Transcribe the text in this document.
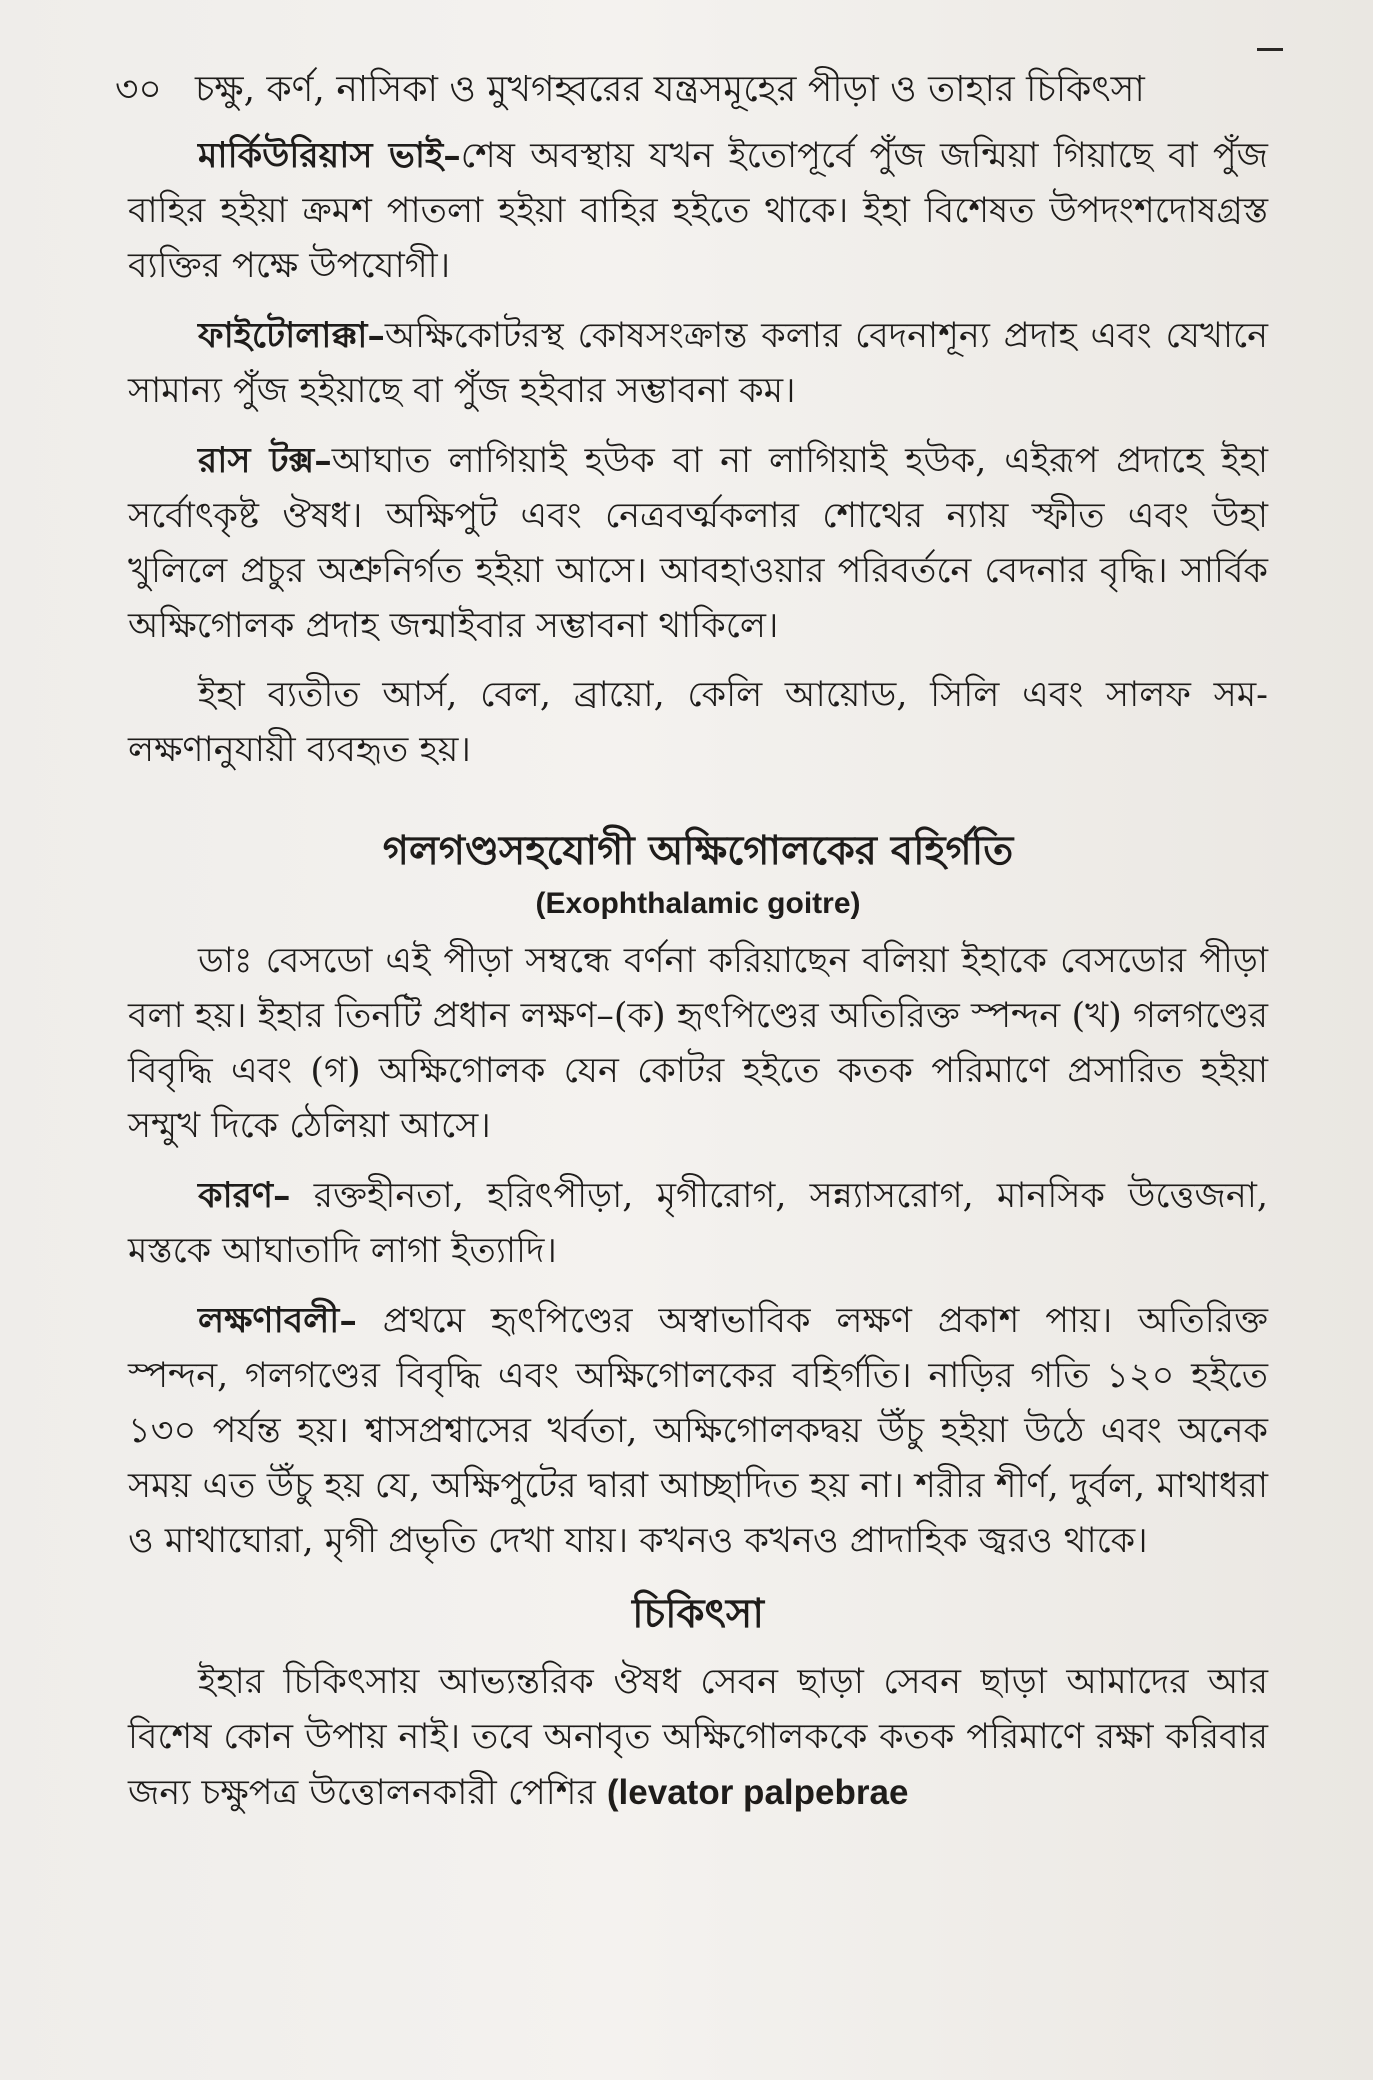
৩০ চক্ষু, কর্ণ, নাসিকা ও মুখগহ্বরের যন্ত্রসমূহের পীড়া ও তাহার চিকিৎসা

মার্কিউরিয়াস ভাই–শেষ অবস্থায় যখন ইতোপূর্বে পুঁজ জন্মিয়া গিয়াছে বা পুঁজ বাহির হইয়া ক্রমশ পাতলা হইয়া বাহির হইতে থাকে। ইহা বিশেষত উপদংশদোষগ্রস্ত ব্যক্তির পক্ষে উপযোগী।

ফাইটোলাক্কা–অক্ষিকোটরস্থ কোষসংক্রান্ত কলার বেদনাশূন্য প্রদাহ এবং যেখানে সামান্য পুঁজ হইয়াছে বা পুঁজ হইবার সম্ভাবনা কম।

রাস টক্স–আঘাত লাগিয়াই হউক বা না লাগিয়াই হউক, এইরূপ প্রদাহে ইহা সর্বোৎকৃষ্ট ঔষধ। অক্ষিপুট এবং নেত্রবর্ত্মকলার শোথের ন্যায় স্ফীত এবং উহা খুলিলে প্রচুর অশ্রুনির্গত হইয়া আসে। আবহাওয়ার পরিবর্তনে বেদনার বৃদ্ধি। সার্বিক অক্ষিগোলক প্রদাহ জন্মাইবার সম্ভাবনা থাকিলে।

ইহা ব্যতীত আর্স, বেল, ব্রায়ো, কেলি আয়োড, সিলি এবং সালফ সম-লক্ষণানুযায়ী ব্যবহৃত হয়।

গলগণ্ডসহযোগী অক্ষিগোলকের বহির্গতি
(Exophthalamic goitre)

ডাঃ বেসডো এই পীড়া সম্বন্ধে বর্ণনা করিয়াছেন বলিয়া ইহাকে বেসডোর পীড়া বলা হয়। ইহার তিনটি প্রধান লক্ষণ–(ক) হৃৎপিণ্ডের অতিরিক্ত স্পন্দন (খ) গলগণ্ডের বিবৃদ্ধি এবং (গ) অক্ষিগোলক যেন কোটর হইতে কতক পরিমাণে প্রসারিত হইয়া সম্মুখ দিকে ঠেলিয়া আসে।

কারণ– রক্তহীনতা, হরিৎপীড়া, মৃগীরোগ, সন্ন্যাসরোগ, মানসিক উত্তেজনা, মস্তকে আঘাতাদি লাগা ইত্যাদি।

লক্ষণাবলী– প্রথমে হৃৎপিণ্ডের অস্বাভাবিক লক্ষণ প্রকাশ পায়। অতিরিক্ত স্পন্দন, গলগণ্ডের বিবৃদ্ধি এবং অক্ষিগোলকের বহির্গতি। নাড়ির গতি ১২০ হইতে ১৩০ পর্যন্ত হয়। শ্বাসপ্রশ্বাসের খর্বতা, অক্ষিগোলকদ্বয় উঁচু হইয়া উঠে এবং অনেক সময় এত উঁচু হয় যে, অক্ষিপুটের দ্বারা আচ্ছাদিত হয় না। শরীর শীর্ণ, দুর্বল, মাথাধরা ও মাথাঘোরা, মৃগী প্রভৃতি দেখা যায়। কখনও কখনও প্রাদাহিক জ্বরও থাকে।

চিকিৎসা

ইহার চিকিৎসায় আভ্যন্তরিক ঔষধ সেবন ছাড়া সেবন ছাড়া আমাদের আর বিশেষ কোন উপায় নাই। তবে অনাবৃত অক্ষিগোলককে কতক পরিমাণে রক্ষা করিবার জন্য চক্ষুপত্র উত্তোলনকারী পেশির (levator palpebrae
